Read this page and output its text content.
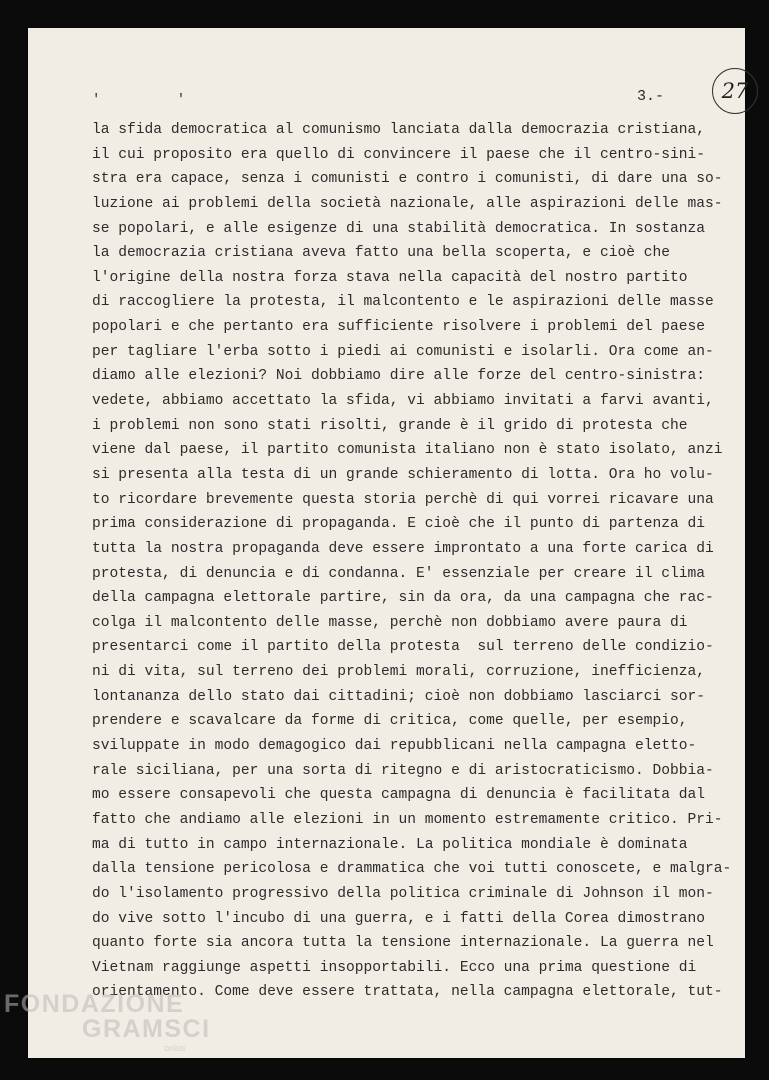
' '	27
3.-
la sfida democratica al comunismo lanciata dalla democrazia cristiana,
il cui proposito era quello di convincere il paese che il centro-sini-
stra era capace, senza i comunisti e contro i comunisti, di dare una so-
luzione ai problemi della società nazionale, alle aspirazioni delle mas-
se popolari, e alle esigenze di una stabilità democratica. In sostanza
la democrazia cristiana aveva fatto una bella scoperta, e cioè che
l'origine della nostra forza stava nella capacità del nostro partito
di raccogliere la protesta, il malcontento e le aspirazioni delle masse
popolari e che pertanto era sufficiente risolvere i problemi del paese
per tagliare l'erba sotto i piedi ai comunisti e isolarli. Ora come an-
diamo alle elezioni? Noi dobbiamo dire alle forze del centro-sinistra:
vedete, abbiamo accettato la sfida, vi abbiamo invitati a farvi avanti,
i problemi non sono stati risolti, grande è il grido di protesta che
viene dal paese, il partito comunista italiano non è stato isolato, anzi
si presenta alla testa di un grande schieramento di lotta. Ora ho volu-
to ricordare brevemente questa storia perchè di qui vorrei ricavare una
prima considerazione di propaganda. E cioè che il punto di partenza di
tutta la nostra propaganda deve essere improntato a una forte carica di
protesta, di denuncia e di condanna. E' essenziale per creare il clima
della campagna elettorale partire, sin da ora, da una campagna che rac-
colga il malcontento delle masse, perchè non dobbiamo avere paura di
presentarci come il partito della protesta  sul terreno delle condizio-
ni di vita, sul terreno dei problemi morali, corruzione, inefficienza,
lontananza dello stato dai cittadini; cioè non dobbiamo lasciarci sor-
prendere e scavalcare da forme di critica, come quelle, per esempio,
sviluppate in modo demagogico dai repubblicani nella campagna eletto-
rale siciliana, per una sorta di ritegno e di aristocraticismo. Dobbia-
mo essere consapevoli che questa campagna di denuncia è facilitata dal
fatto che andiamo alle elezioni in un momento estremamente critico. Pri-
ma di tutto in campo internazionale. La politica mondiale è dominata
dalla tensione pericolosa e drammatica che voi tutti conoscete, e malgra-
do l'isolamento progressivo della politica criminale di Johnson il mon-
do vive sotto l'incubo di una guerra, e i fatti della Corea dimostrano
quanto forte sia ancora tutta la tensione internazionale. La guerra nel
Vietnam raggiunge aspetti insopportabili. Ecco una prima questione di
orientamento. Come deve essere trattata, nella campagna elettorale, tut-
FONDAZIONE
GRAMSCI
onlus
